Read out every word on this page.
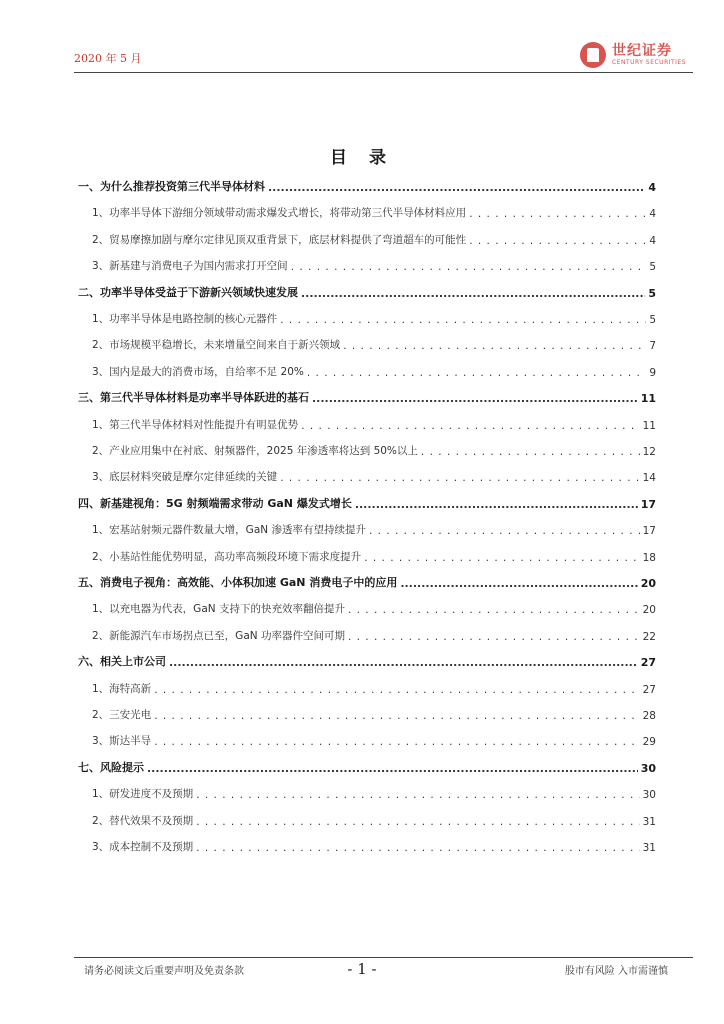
2020 年 5 月	世纪证券
CENTURY SECURITIES
目 录
一、为什么推荐投资第三代半导体材料 .....	4
1、功率半导体下游细分领域带动需求爆发式增长，将带动第三代半导体材料应用 . . .	4
2、贸易摩擦加剧与摩尔定律见顶双重背景下，底层材料提供了弯道超车的可能性 . . .	4
3、新基建与消费电子为国内需求打开空间 . . .	5
二、功率半导体受益于下游新兴领域快速发展 .....	5
1、功率半导体是电路控制的核心元器件 . . .	5
2、市场规模平稳增长，未来增量空间来自于新兴领域 . . .	7
3、国内是最大的消费市场，自给率不足 20% . . .	9
三、第三代半导体材料是功率半导体跃进的基石 .....	11
1、第三代半导体材料对性能提升有明显优势 . . .	11
2、产业应用集中在衬底、射频器件，2025 年渗透率将达到 50%以上 . . .	12
3、底层材料突破是摩尔定律延续的关键 . . .	14
四、新基建视角：5G 射频端需求带动 GaN 爆发式增长 .....	17
1、宏基站射频元器件数量大增，GaN 渗透率有望持续提升 . . .	17
2、小基站性能优势明显，高功率高频段环境下需求度提升 . . .	18
五、消费电子视角：高效能、小体积加速 GaN 消费电子中的应用 .....	20
1、以充电器为代表，GaN 支持下的快充效率翻倍提升 . . .	20
2、新能源汽车市场拐点已至，GaN 功率器件空间可期 . . .	22
六、相关上市公司 .....	27
1、海特高新 . . .	27
2、三安光电 . . .	28
3、斯达半导 . . .	29
七、风险提示 .....	30
1、研发进度不及预期 . . .	30
2、替代效果不及预期 . . .	31
3、成本控制不及预期 . . .	31
请务必阅读文后重要声明及免责条款	- 1 -	股市有风险 入市需谨慎
